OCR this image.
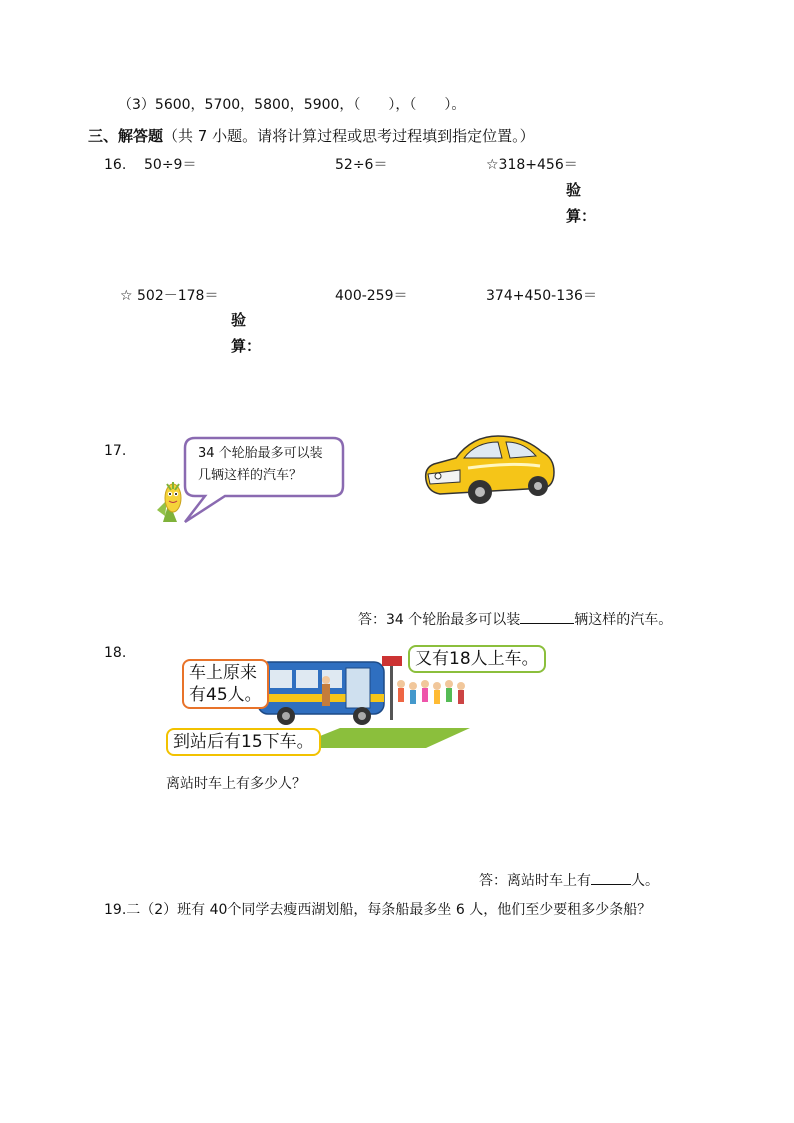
（3）5600，5700，5800，5900，（　　），（　　）。
三、解答题（共 7 小题。请将计算过程或思考过程填到指定位置。）
16. 50÷9＝	52÷6＝	☆318+456＝
验
算：
☆ 502－178＝	400-259＝	374+450-136＝
验
算：
17.	34 个轮胎最多可以装
几辆这样的汽车？
答：34 个轮胎最多可以装	辆这样的汽车。
18.
车上原来
有45人。
又有18人上车。
到站后有15下车。
离站时车上有多少人？
答：离站时车上有	人。
19.二（2）班有 40个同学去瘦西湖划船，每条船最多坐 6 人，他们至少要租多少条船？
